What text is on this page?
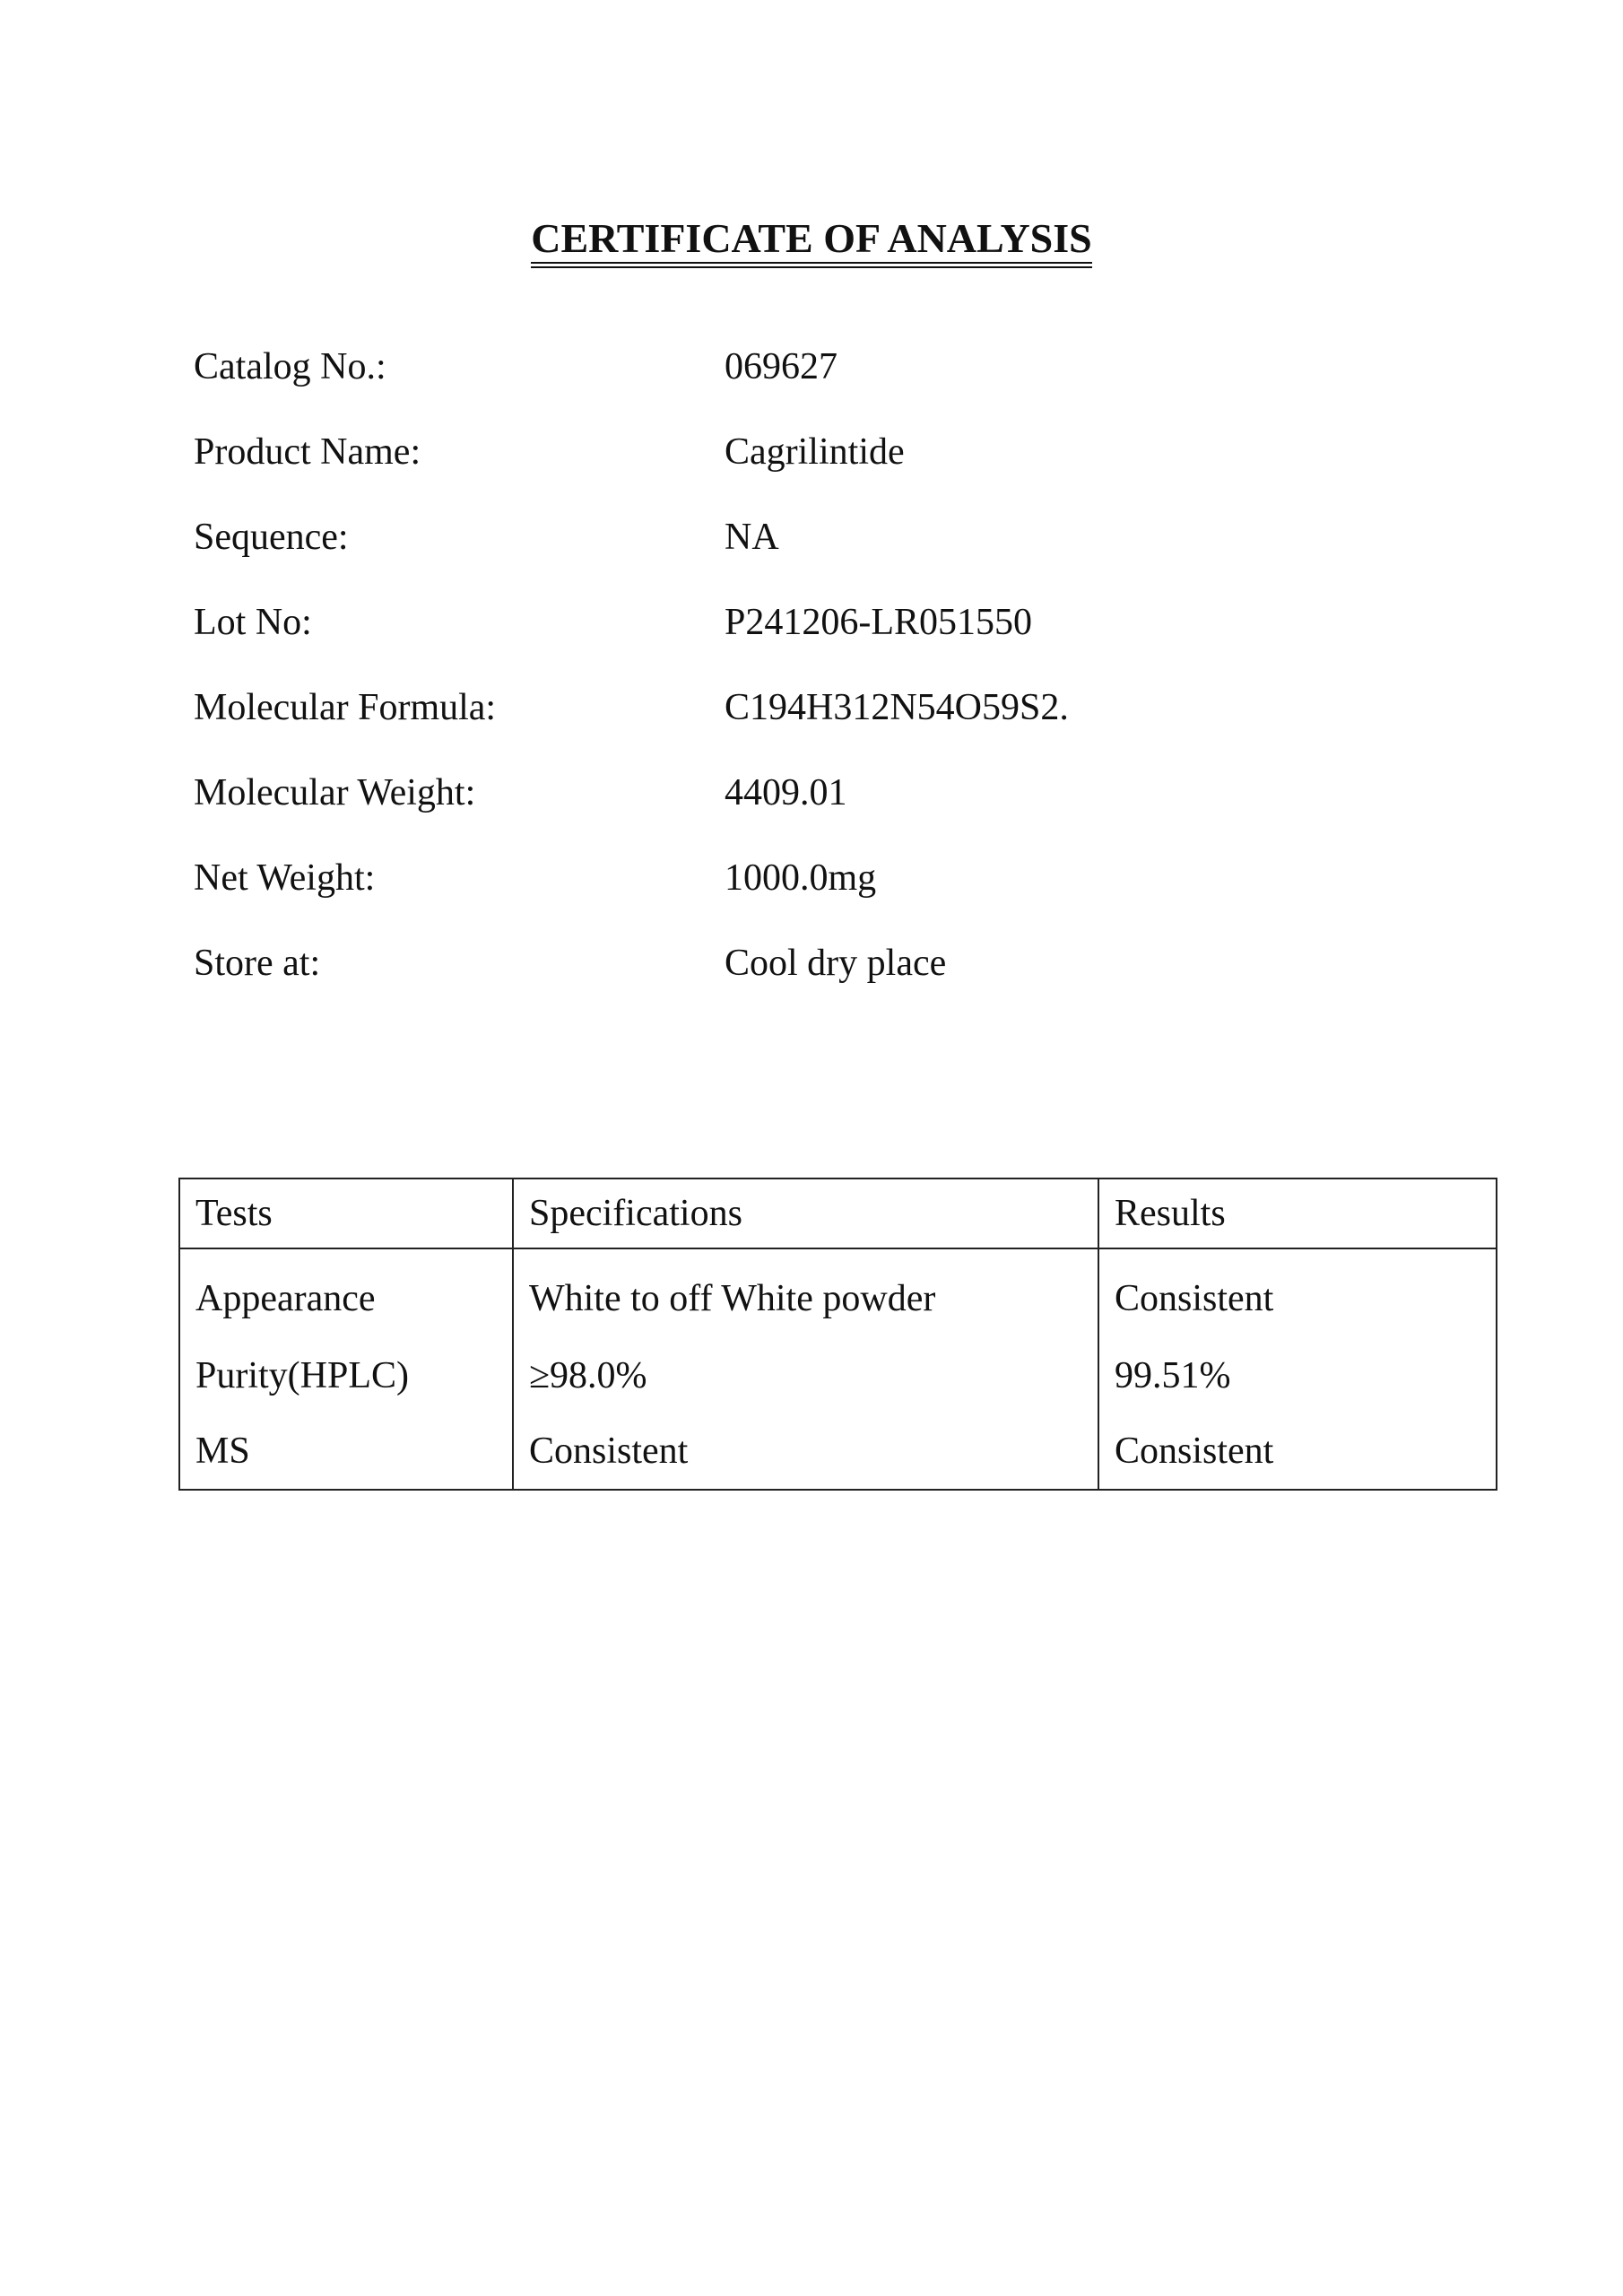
CERTIFICATE OF ANALYSIS
Catalog No.:	069627
Product Name:	Cagrilintide
Sequence:	NA
Lot No:	P241206-LR051550
Molecular Formula:	C194H312N54O59S2.
Molecular Weight:	4409.01
Net Weight:	1000.0mg
Store at:	Cool dry place
Tests	Specifications	Results
Appearance	White to off White powder	Consistent
Purity(HPLC)	≥98.0%	99.51%
MS	Consistent	Consistent
